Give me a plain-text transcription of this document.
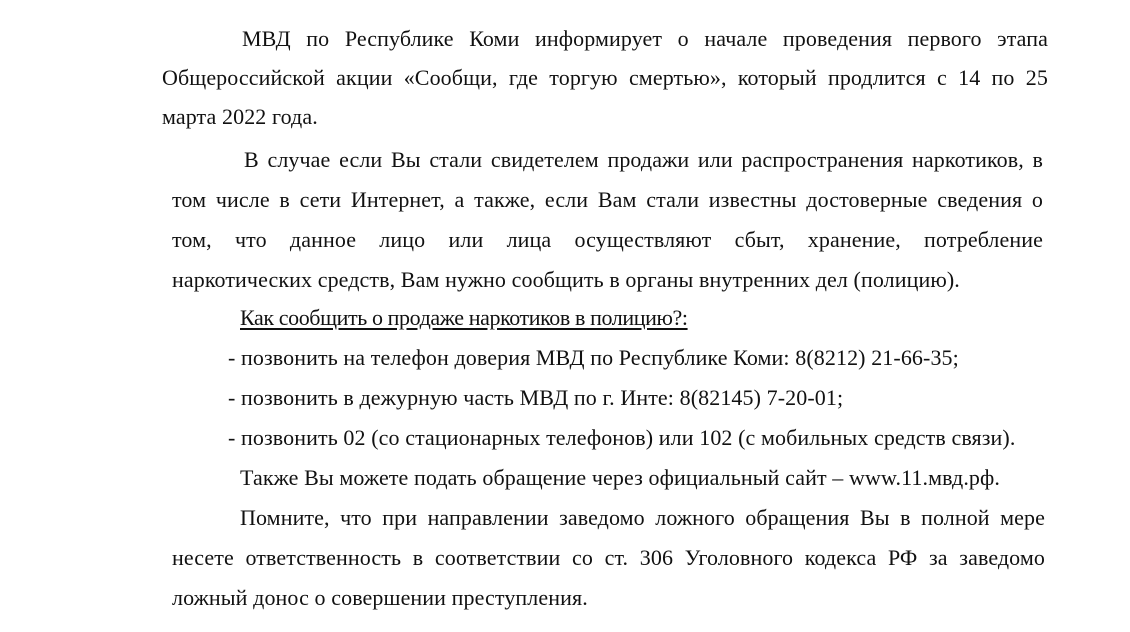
МВД по Республике Коми информирует о начале проведения первого этапа
Общероссийской акции «Сообщи, где торгую смертью», который продлится с 14 по 25
марта 2022 года.
В случае если Вы стали свидетелем продажи или распространения наркотиков, в
том числе в сети Интернет, а также, если Вам стали известны достоверные сведения о
том, что данное лицо или лица осуществляют сбыт, хранение, потребление
наркотических средств, Вам нужно сообщить в органы внутренних дел (полицию).
Как сообщить о продаже наркотиков в полицию?:
- позвонить на телефон доверия МВД по Республике Коми: 8(8212) 21-66-35;
- позвонить в дежурную часть МВД по г. Инте: 8(82145) 7-20-01;
- позвонить 02 (со стационарных телефонов) или 102 (с мобильных средств связи).
Также Вы можете подать обращение через официальный сайт – www.11.мвд.рф.
Помните, что при направлении заведомо ложного обращения Вы в полной мере
несете ответственность в соответствии со ст. 306 Уголовного кодекса РФ за заведомо
ложный донос о совершении преступления.
